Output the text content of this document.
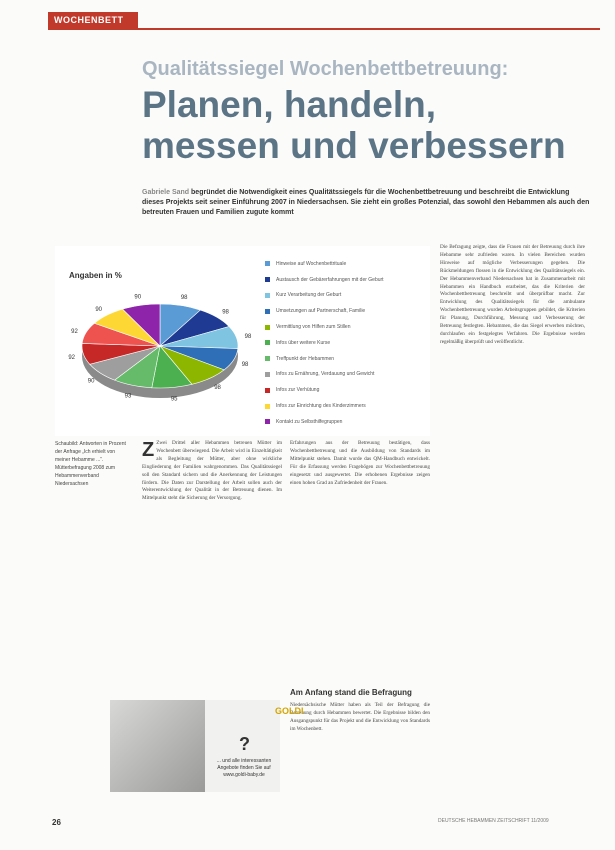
WOCHENBETT
Qualitätssiegel Wochenbettbetreuung:
Planen, handeln, messen und verbessern
Gabriele Sand begründet die Notwendigkeit eines Qualitätssiegels für die Wochenbettbetreuung und beschreibt die Entwicklung dieses Projekts seit seiner Einführung 2007 in Niedersachsen. Sie zieht ein großes Potenzial, das sowohl den Hebammen als auch den betreuten Frauen und Familien zugute kommt
Angaben in %
98
98
98
98
98
95
93
90
92
92
90
90
Hinweise auf Wochenbettrituale
Austausch der Gebärerfahrungen mit der Geburt
Kurz Verarbeitung der Geburt
Umsetzungen auf Partnerschaft, Familie
Vermittlung von Hilfen zum Stillen
Infos über weitere Kurse
Treffpunkt der Hebammen
Infos zu Ernährung, Verdauung und Gewicht
Infos zur Verhütung
Infos zur Einrichtung des Kinderzimmers
Kontakt zu Selbsthilfegruppen
Schaubild: Antworten in Prozent der Anfrage „Ich erhielt von meiner Hebamme ...“. Mütterbefragung 2008 zum Hebammenverband Niedersachsen
Z Zwei Drittel aller Hebammen betreuen Mütter im Wochenbett überwiegend. Die Arbeit wird in Einzeltätigkeit als Begleitung der Mütter, aber ohne wirkliche Eingliederung der Familien wahrgenommen. Das Qualitätssiegel soll den Standard sichern und die Anerkennung der Leistungen fördern. Die Daten zur Darstellung der Arbeit sollen auch der Weiterentwicklung der Qualität in der Betreuung dienen. Im Mittelpunkt steht die Sicherung der Versorgung.
Erfahrungen aus der Betreuung bestätigen, dass Wochenbettbetreuung und die Ausbildung von Standards im Mittelpunkt stehen. Damit wurde das QM-Handbuch entwickelt. Für die Erfassung werden Fragebögen zur Wochenbettbetreuung eingesetzt und ausgewertet. Die erhobenen Ergebnisse zeigen einen hohen Grad an Zufriedenheit der Frauen.
Am Anfang stand die Befragung
Niedersächsische Mütter haben als Teil der Befragung die Betreuung durch Hebammen bewertet. Die Ergebnisse bilden den Ausgangspunkt für das Projekt und die Entwicklung von Standards im Wochenbett.
Die Befragung zeigte, dass die Frauen mit der Betreuung durch ihre Hebamme sehr zufrieden waren. In vielen Bereichen wurden Hinweise auf mögliche Verbesserungen gegeben. Die Rückmeldungen flossen in die Entwicklung des Qualitätssiegels ein. Der Hebammenverband Niedersachsen hat in Zusammenarbeit mit Hebammen ein Handbuch erarbeitet, das die Kriterien der Wochenbettbetreuung beschreibt und überprüfbar macht. Zur Entwicklung des Qualitätssiegels für die ambulante Wochenbettbetreuung wurden Arbeitsgruppen gebildet, die Kriterien für Planung, Durchführung, Messung und Verbesserung der Betreuung festlegten. Hebammen, die das Siegel erwerben möchten, durchlaufen ein festgelegtes Verfahren. Die Ergebnisse werden regelmäßig überprüft und veröffentlicht.
GOLDI
?
... und alle interessanten Angebote finden Sie auf www.goldi-baby.de
26	DEUTSCHE HEBAMMEN ZEITSCHRIFT 11/2009
